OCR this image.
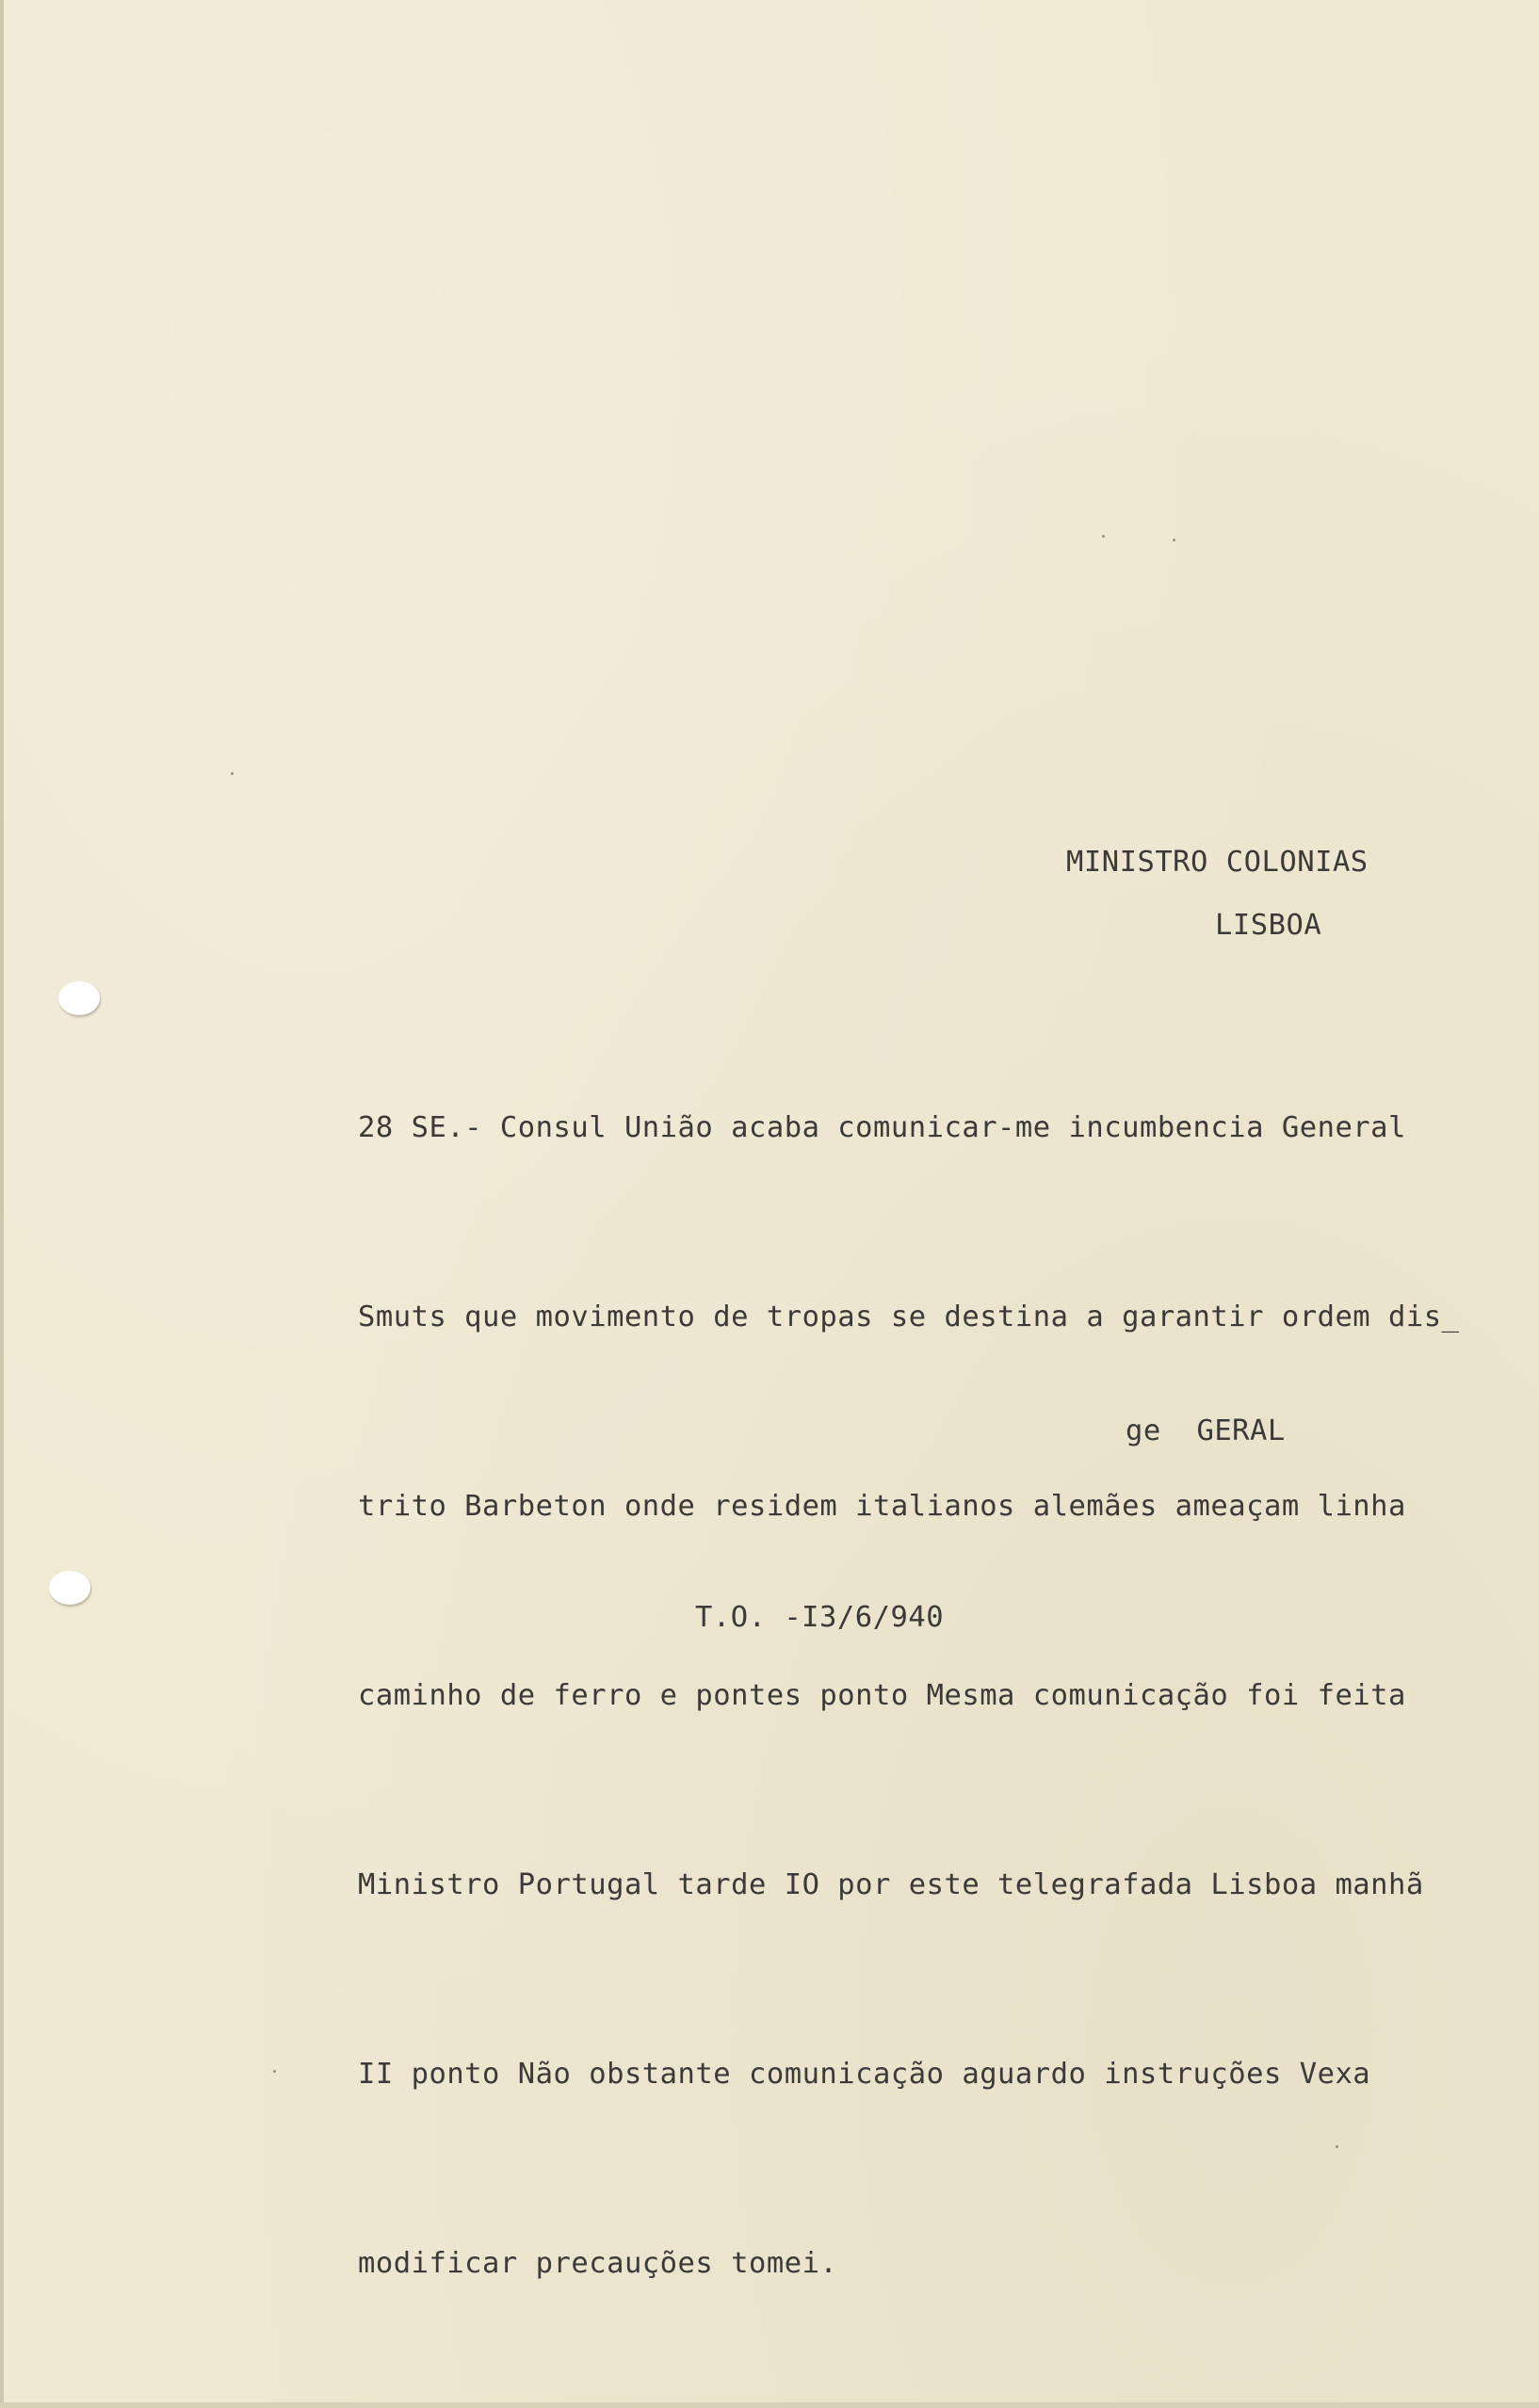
MINISTRO COLONIAS
LISBOA

28 SE.- Consul União acaba comunicar-me incumbencia General

Smuts que movimento de tropas se destina a garantir ordem dis_

trito Barbeton onde residem italianos alemães ameaçam linha

caminho de ferro e pontes ponto Mesma comunicação foi feita

Ministro Portugal tarde IO por este telegrafada Lisboa manhã

II ponto Não obstante comunicação aguardo instruções Vexa

modificar precauções tomei.

ge  GERAL
T.O. -I3/6/940
